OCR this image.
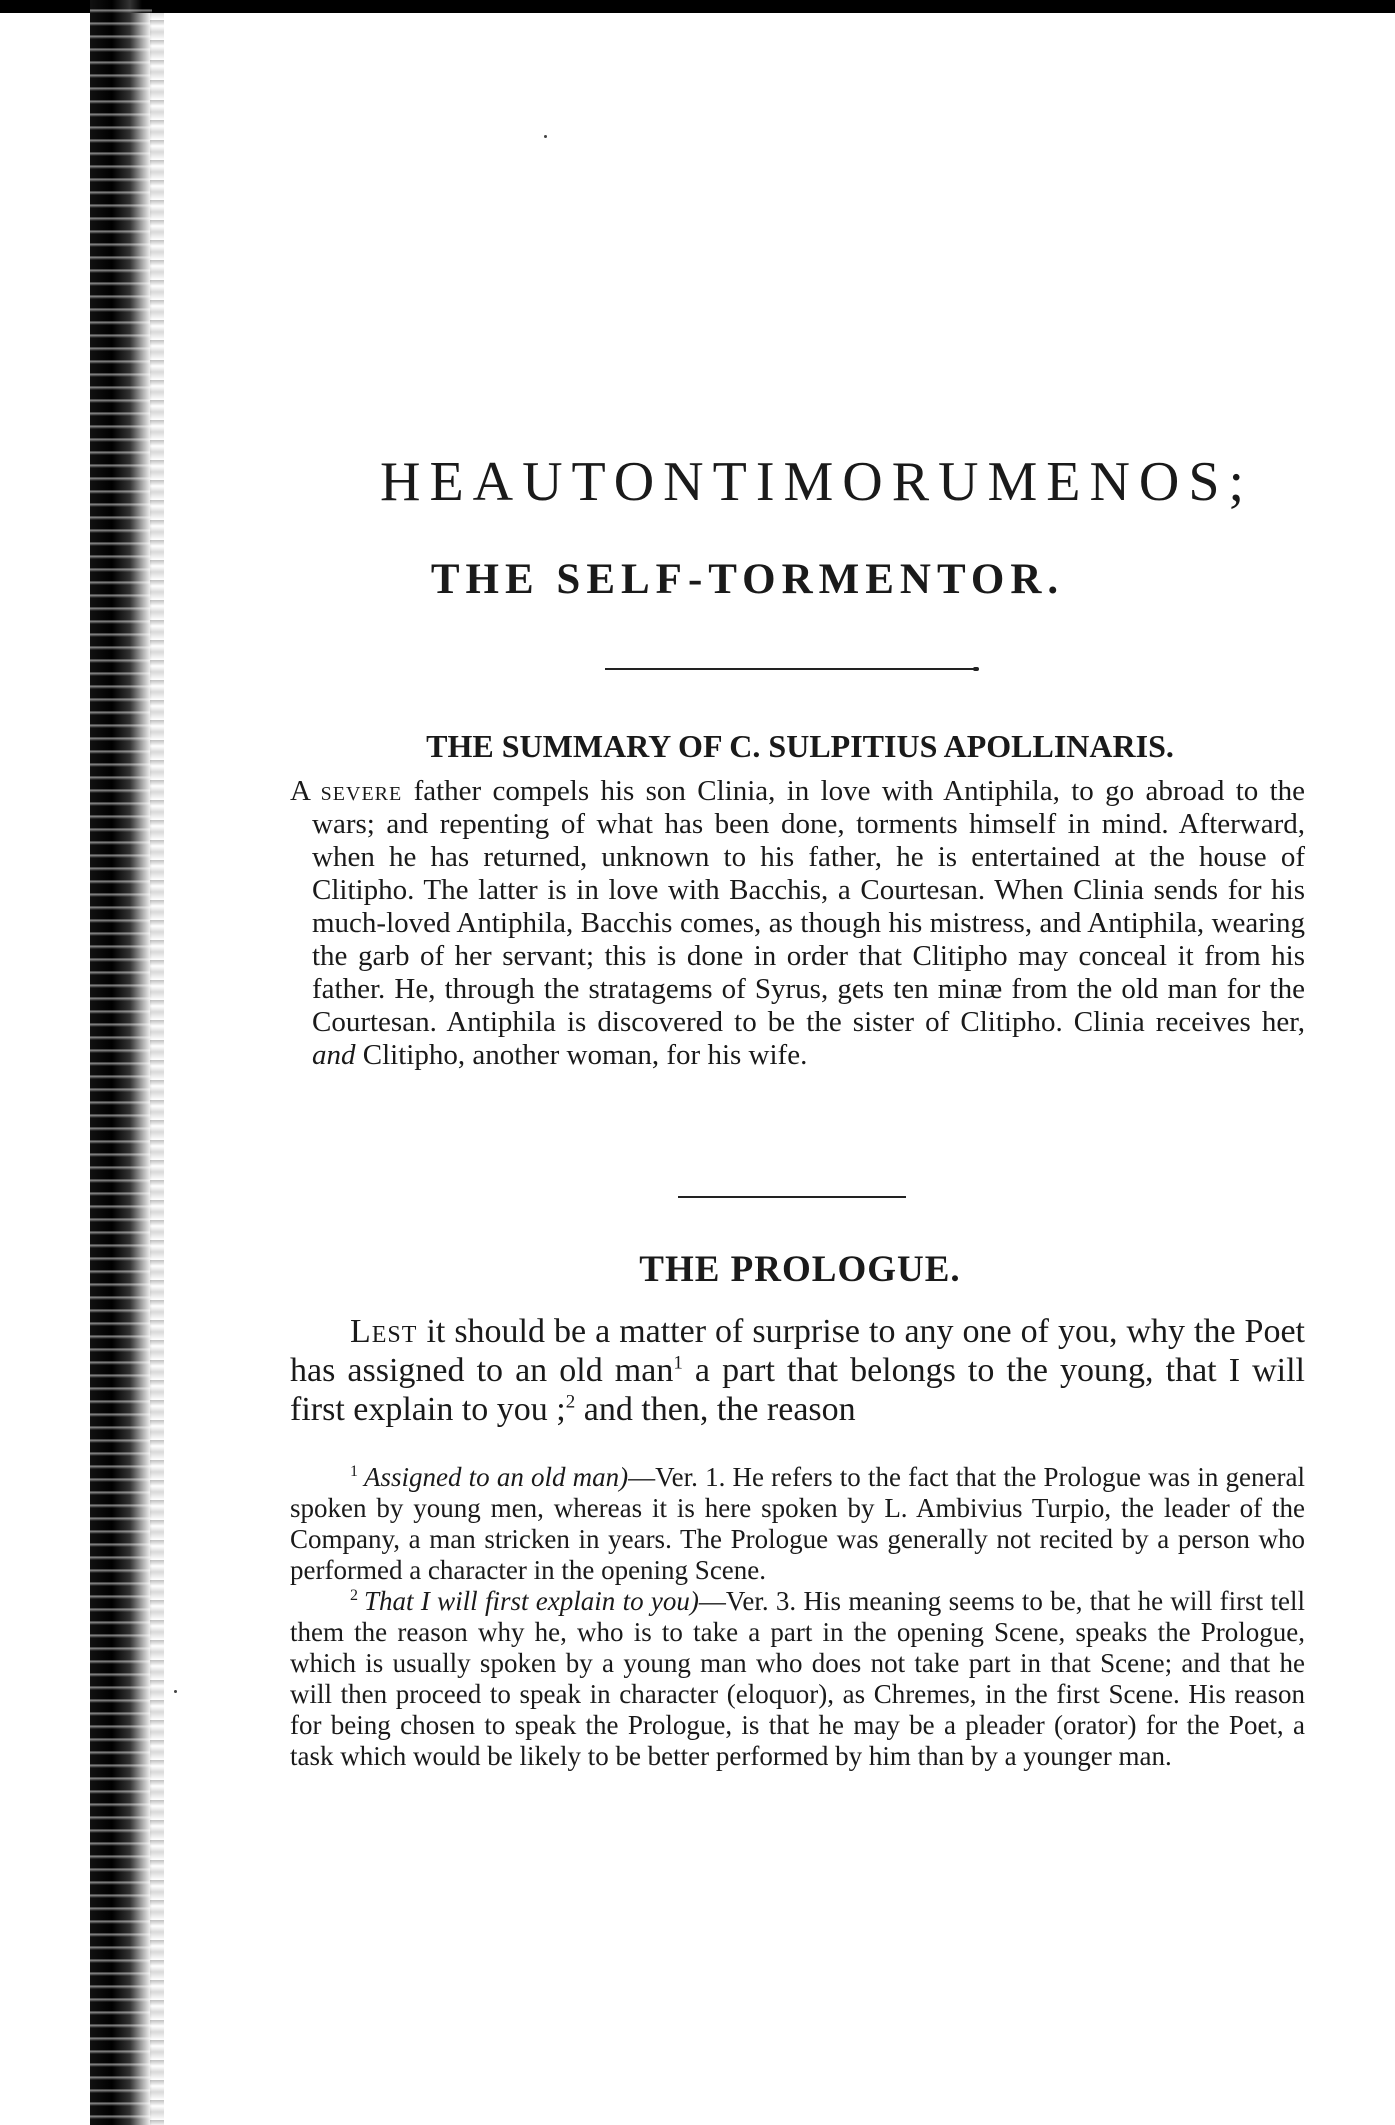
HEAUTONTIMORUMENOS;
THE SELF-TORMENTOR.
THE SUMMARY OF C. SULPITIUS APOLLINARIS.

A severe father compels his son Clinia, in love with Antiphila, to go abroad to the wars; and repenting of what has been done, torments himself in mind. Afterward, when he has returned, unknown to his father, he is entertained at the house of Clitipho. The latter is in love with Bacchis, a Courtesan. When Clinia sends for his much-loved Antiphila, Bacchis comes, as though his mistress, and Antiphila, wearing the garb of her servant; this is done in order that Clitipho may conceal it from his father. He, through the stratagems of Syrus, gets ten minæ from the old man for the Courtesan. Antiphila is discovered to be the sister of Clitipho. Clinia receives her, and Clitipho, another woman, for his wife.

THE PROLOGUE.

Lest it should be a matter of surprise to any one of you, why the Poet has assigned to an old man$^1$ a part that belongs to the young, that I will first explain to you ;$^2$ and then, the reason

$^1$ Assigned to an old man)—Ver. 1. He refers to the fact that the Prologue was in general spoken by young men, whereas it is here spoken by L. Ambivius Turpio, the leader of the Company, a man stricken in years. The Prologue was generally not recited by a person who performed a character in the opening Scene.

$^2$ That I will first explain to you)—Ver. 3. His meaning seems to be, that he will first tell them the reason why he, who is to take a part in the opening Scene, speaks the Prologue, which is usually spoken by a young man who does not take part in that Scene; and that he will then proceed to speak in character (eloquor), as Chremes, in the first Scene. His reason for being chosen to speak the Prologue, is that he may be a pleader (orator) for the Poet, a task which would be likely to be better performed by him than by a younger man.
